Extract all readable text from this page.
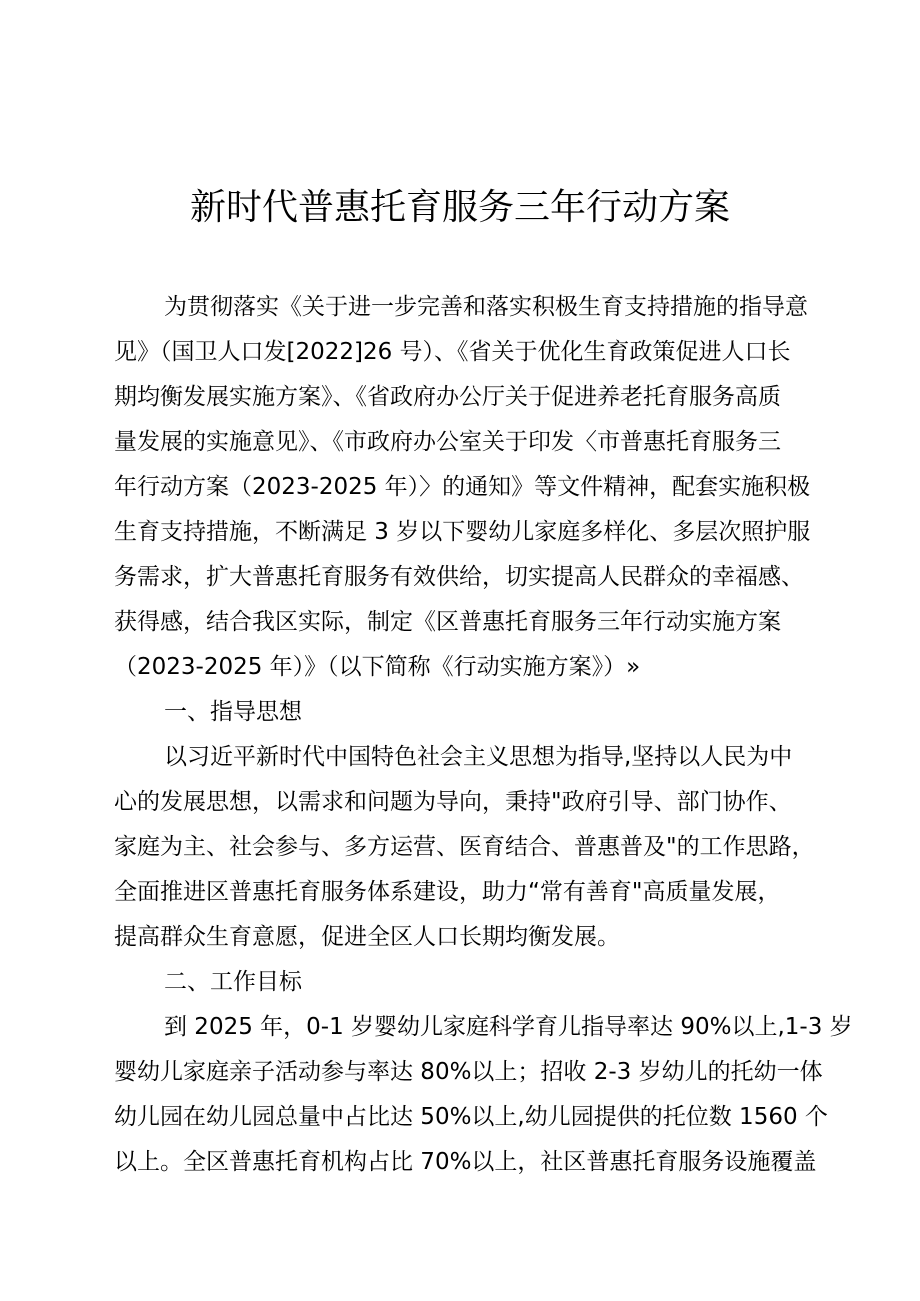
新时代普惠托育服务三年行动方案
为贯彻落实《关于进一步完善和落实积极生育支持措施的指导意
见》（国卫人口发[2022]26 号）、《省关于优化生育政策促进人口长
期均衡发展实施方案》、《省政府办公厅关于促进养老托育服务高质
量发展的实施意见》、《市政府办公室关于印发〈市普惠托育服务三
年行动方案（2023-2025 年）〉的通知》等文件精神，配套实施积极
生育支持措施，不断满足 3 岁以下婴幼儿家庭多样化、多层次照护服
务需求，扩大普惠托育服务有效供给，切实提高人民群众的幸福感、
获得感，结合我区实际，制定《区普惠托育服务三年行动实施方案
（2023-2025 年）》（以下简称《行动实施方案》）»
一、指导思想
以习近平新时代中国特色社会主义思想为指导,坚持以人民为中
心的发展思想，以需求和问题为导向，秉持"政府引导、部门协作、
家庭为主、社会参与、多方运营、医育结合、普惠普及"的工作思路，
全面推进区普惠托育服务体系建设，助力“常有善育"高质量发展，
提高群众生育意愿，促进全区人口长期均衡发展。
二、工作目标
到 2025 年，0-1 岁婴幼儿家庭科学育儿指导率达 90%以上,1-3 岁
婴幼儿家庭亲子活动参与率达 80%以上；招收 2-3 岁幼儿的托幼一体
幼儿园在幼儿园总量中占比达 50%以上,幼儿园提供的托位数 1560 个
以上。全区普惠托育机构占比 70%以上，社区普惠托育服务设施覆盖
